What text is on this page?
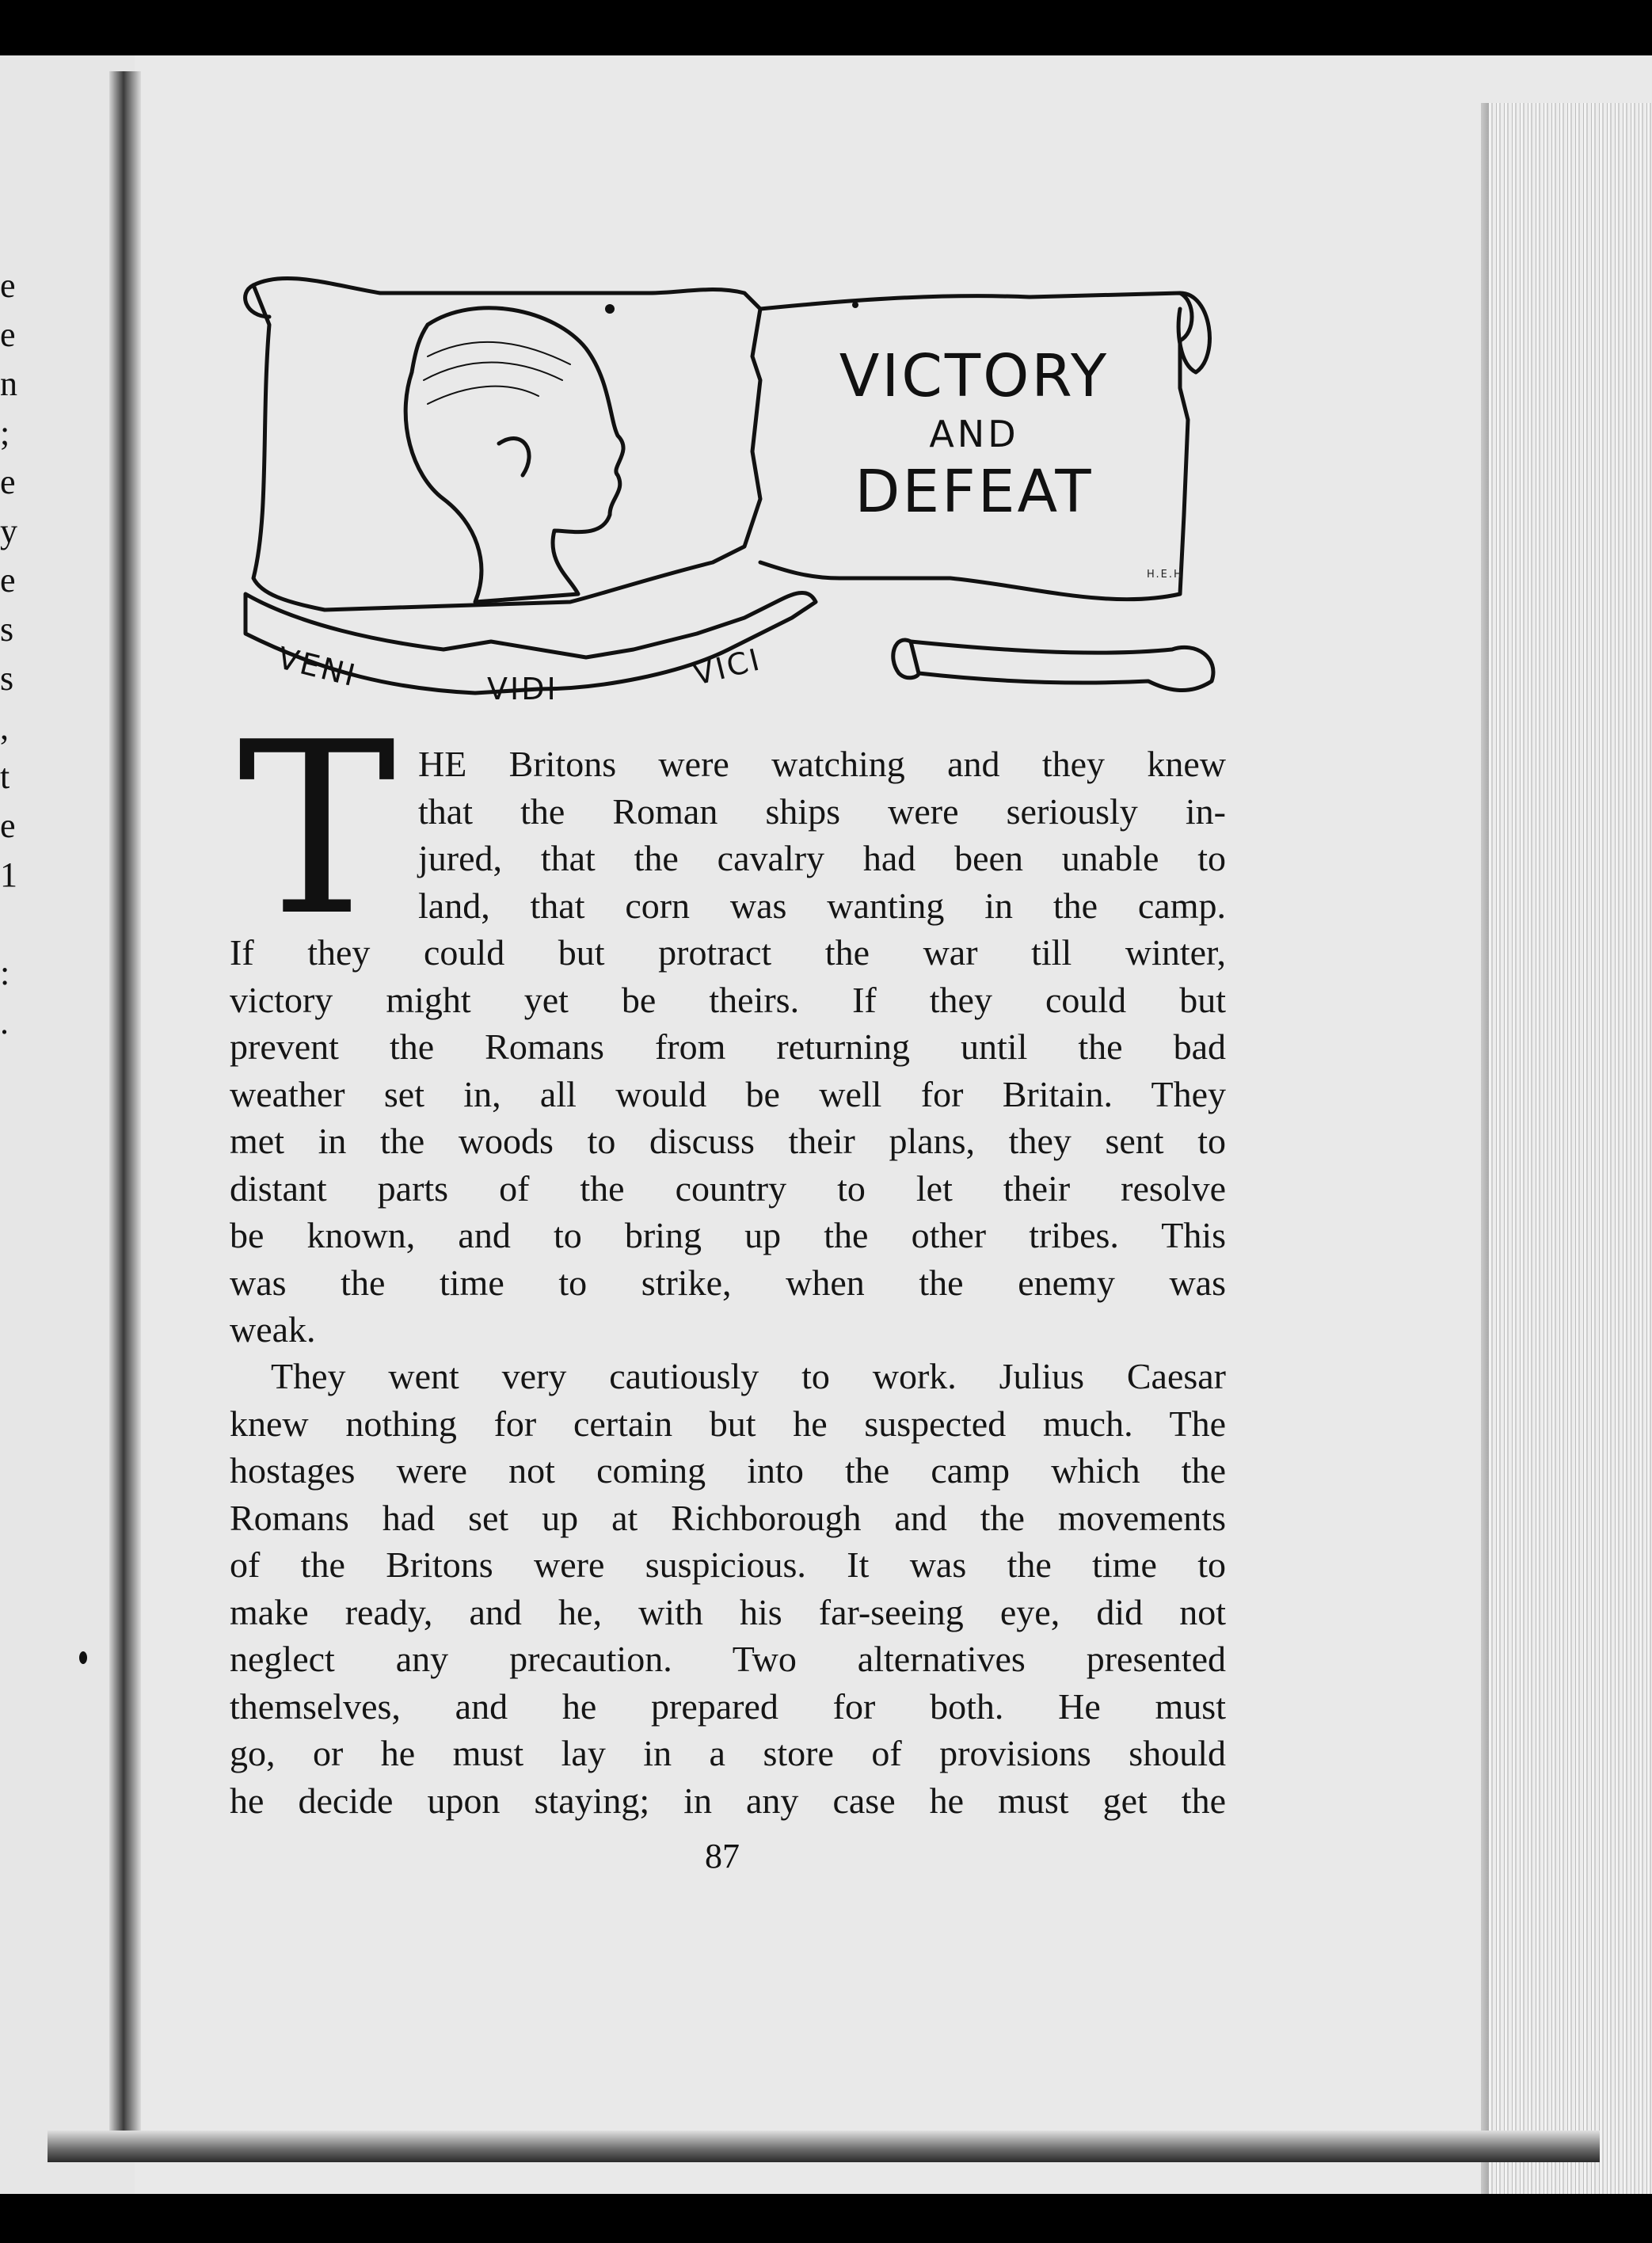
e
e
n
;
e
y
e
s
s
,
t
e
1
:
.
VICTORY
AND
DEFEAT
VENI	VIDI	VICI
H.E.H
T HE Britons were watching and they knew
that the Roman ships were seriously in-
jured, that the cavalry had been unable to
land, that corn was wanting in the camp.
If they could but protract the war till winter,
victory might yet be theirs. If they could but
prevent the Romans from returning until the bad
weather set in, all would be well for Britain. They
met in the woods to discuss their plans, they sent to
distant parts of the country to let their resolve
be known, and to bring up the other tribes. This
was the time to strike, when the enemy was
weak.
They went very cautiously to work. Julius Caesar
knew nothing for certain but he suspected much. The
hostages were not coming into the camp which the
Romans had set up at Richborough and the movements
of the Britons were suspicious. It was the time to
make ready, and he, with his far-seeing eye, did not
neglect any precaution. Two alternatives presented
themselves, and he prepared for both. He must
go, or he must lay in a store of provisions should
he decide upon staying; in any case he must get the
87
